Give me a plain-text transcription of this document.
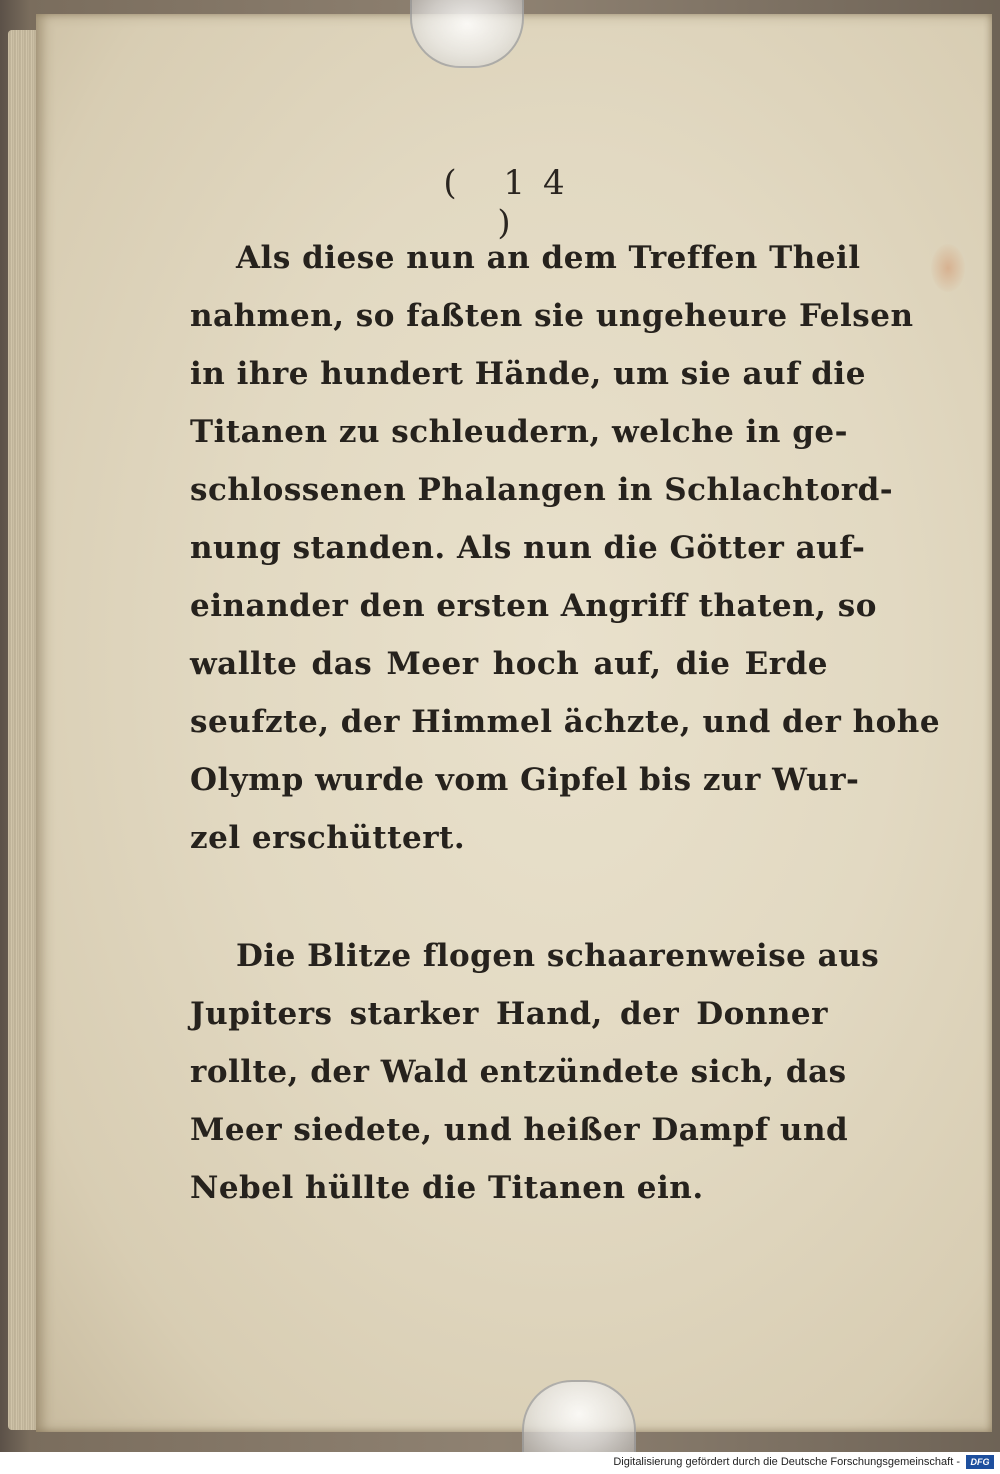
( 14 )
Als diese nun an dem Treffen Theil
nahmen, so faßten sie ungeheure Felsen
in ihre hundert Hände, um sie auf die
Titanen zu schleudern, welche in ge-
schlossenen Phalangen in Schlachtord-
nung standen. Als nun die Götter auf-
einander den ersten Angriff thaten, so
wallte das Meer hoch auf, die Erde
seufzte, der Himmel ächzte, und der hohe
Olymp wurde vom Gipfel bis zur Wur-
zel erschüttert.
Die Blitze flogen schaarenweise aus
Jupiters starker Hand, der Donner
rollte, der Wald entzündete sich, das
Meer siedete, und heißer Dampf und
Nebel hüllte die Titanen ein.
Digitalisierung gefördert durch die Deutsche Forschungsgemeinschaft -	DFG
